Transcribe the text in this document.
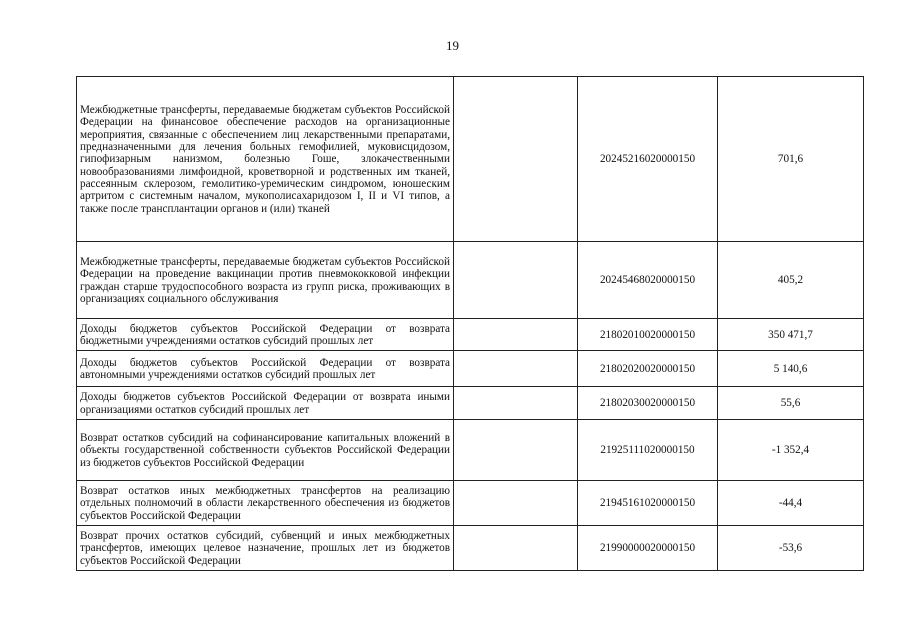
19
Межбюджетные трансферты, передаваемые бюджетам субъектов Российской Федерации на финансовое обеспечение расходов на организационные мероприятия, связанные с обеспечением лиц лекарственными препаратами, предназначенными для лечения больных гемофилией, муковисцидозом, гипофизарным нанизмом, болезнью Гоше, злокачественными новообразованиями лимфоидной, кроветворной и родственных им тканей, рассеянным склерозом, гемолитико-уремическим синдромом, юношеским артритом с системным началом, мукополисахаридозом I, II и VI типов, а также после трансплантации органов и (или) тканей		20245216020000150	701,6
Межбюджетные трансферты, передаваемые бюджетам субъектов Российской Федерации на проведение вакцинации против пневмококковой инфекции граждан старше трудоспособного возраста из групп риска, проживающих в организациях социального обслуживания		20245468020000150	405,2
Доходы бюджетов субъектов Российской Федерации от возврата бюджетными учреждениями остатков субсидий прошлых лет		21802010020000150	350 471,7
Доходы бюджетов субъектов Российской Федерации от возврата автономными учреждениями остатков субсидий прошлых лет		21802020020000150	5 140,6
Доходы бюджетов субъектов Российской Федерации от возврата иными организациями остатков субсидий прошлых лет		21802030020000150	55,6
Возврат остатков субсидий на софинансирование капитальных вложений в объекты государственной собственности субъектов Российской Федерации из бюджетов субъектов Российской Федерации		21925111020000150	-1 352,4
Возврат остатков иных межбюджетных трансфертов на реализацию отдельных полномочий в области лекарственного обеспечения из бюджетов субъектов Российской Федерации		21945161020000150	-44,4
Возврат прочих остатков субсидий, субвенций и иных межбюджетных трансфертов, имеющих целевое назначение, прошлых лет из бюджетов субъектов Российской Федерации		21990000020000150	-53,6
